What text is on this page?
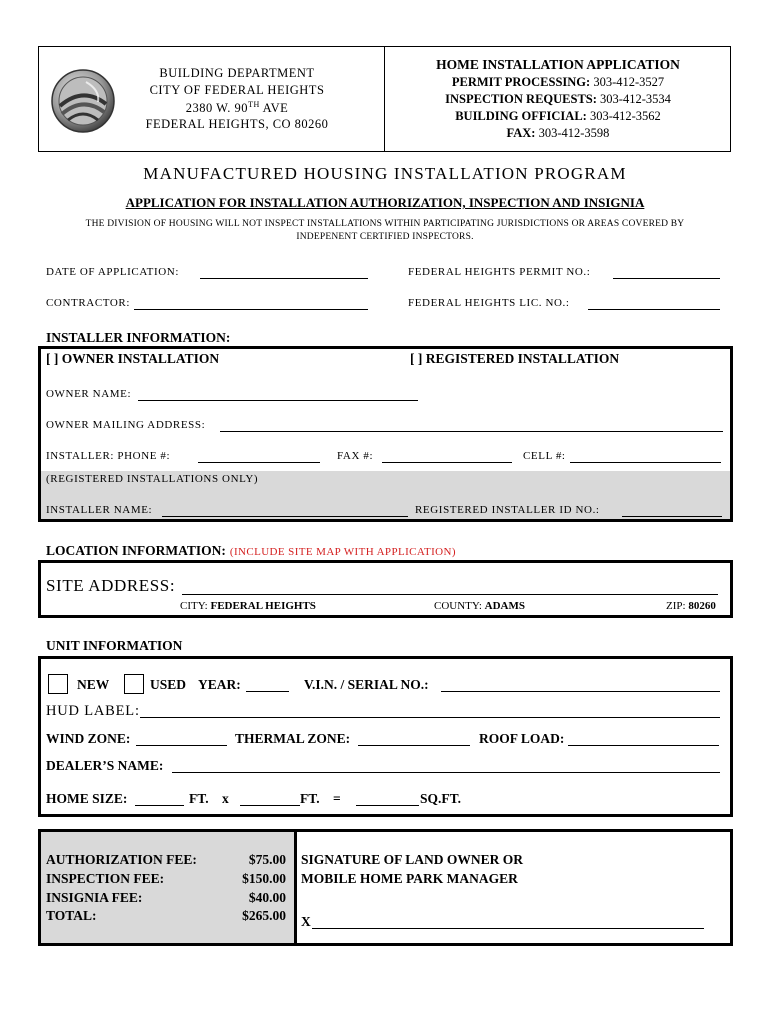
BUILDING DEPARTMENT
CITY OF FEDERAL HEIGHTS
2380 W. 90TH AVE
FEDERAL HEIGHTS, CO 80260
HOME INSTALLATION APPLICATION
PERMIT PROCESSING: 303-412-3527
INSPECTION REQUESTS: 303-412-3534
BUILDING OFFICIAL: 303-412-3562
FAX: 303-412-3598
MANUFACTURED HOUSING INSTALLATION PROGRAM
APPLICATION FOR INSTALLATION AUTHORIZATION, INSPECTION AND INSIGNIA
THE DIVISION OF HOUSING WILL NOT INSPECT INSTALLATIONS WITHIN PARTICIPATING JURISDICTIONS OR AREAS COVERED BY
INDEPENENT CERTIFIED INSPECTORS.
DATE OF APPLICATION:	FEDERAL HEIGHTS PERMIT NO.:
CONTRACTOR:	FEDERAL HEIGHTS LIC. NO.:
INSTALLER INFORMATION:
[ ] OWNER INSTALLATION	[ ] REGISTERED INSTALLATION
OWNER NAME:
OWNER MAILING ADDRESS:
INSTALLER: PHONE #:	FAX #:	CELL #:
(REGISTERED INSTALLATIONS ONLY)
INSTALLER NAME:	REGISTERED INSTALLER ID NO.:
LOCATION INFORMATION: (INCLUDE SITE MAP WITH APPLICATION)
SITE ADDRESS:
CITY: FEDERAL HEIGHTS	COUNTY: ADAMS	ZIP: 80260
UNIT INFORMATION
NEW	USED YEAR:	V.I.N. / SERIAL NO.:
HUD LABEL:
WIND ZONE:	THERMAL ZONE:	ROOF LOAD:
DEALER’S NAME:
HOME SIZE:	FT. x	FT. =	SQ.FT.
AUTHORIZATION FEE:	$75.00
INSPECTION FEE:	$150.00
INSIGNIA FEE:	$40.00
TOTAL:	$265.00
SIGNATURE OF LAND OWNER OR
MOBILE HOME PARK MANAGER
X
